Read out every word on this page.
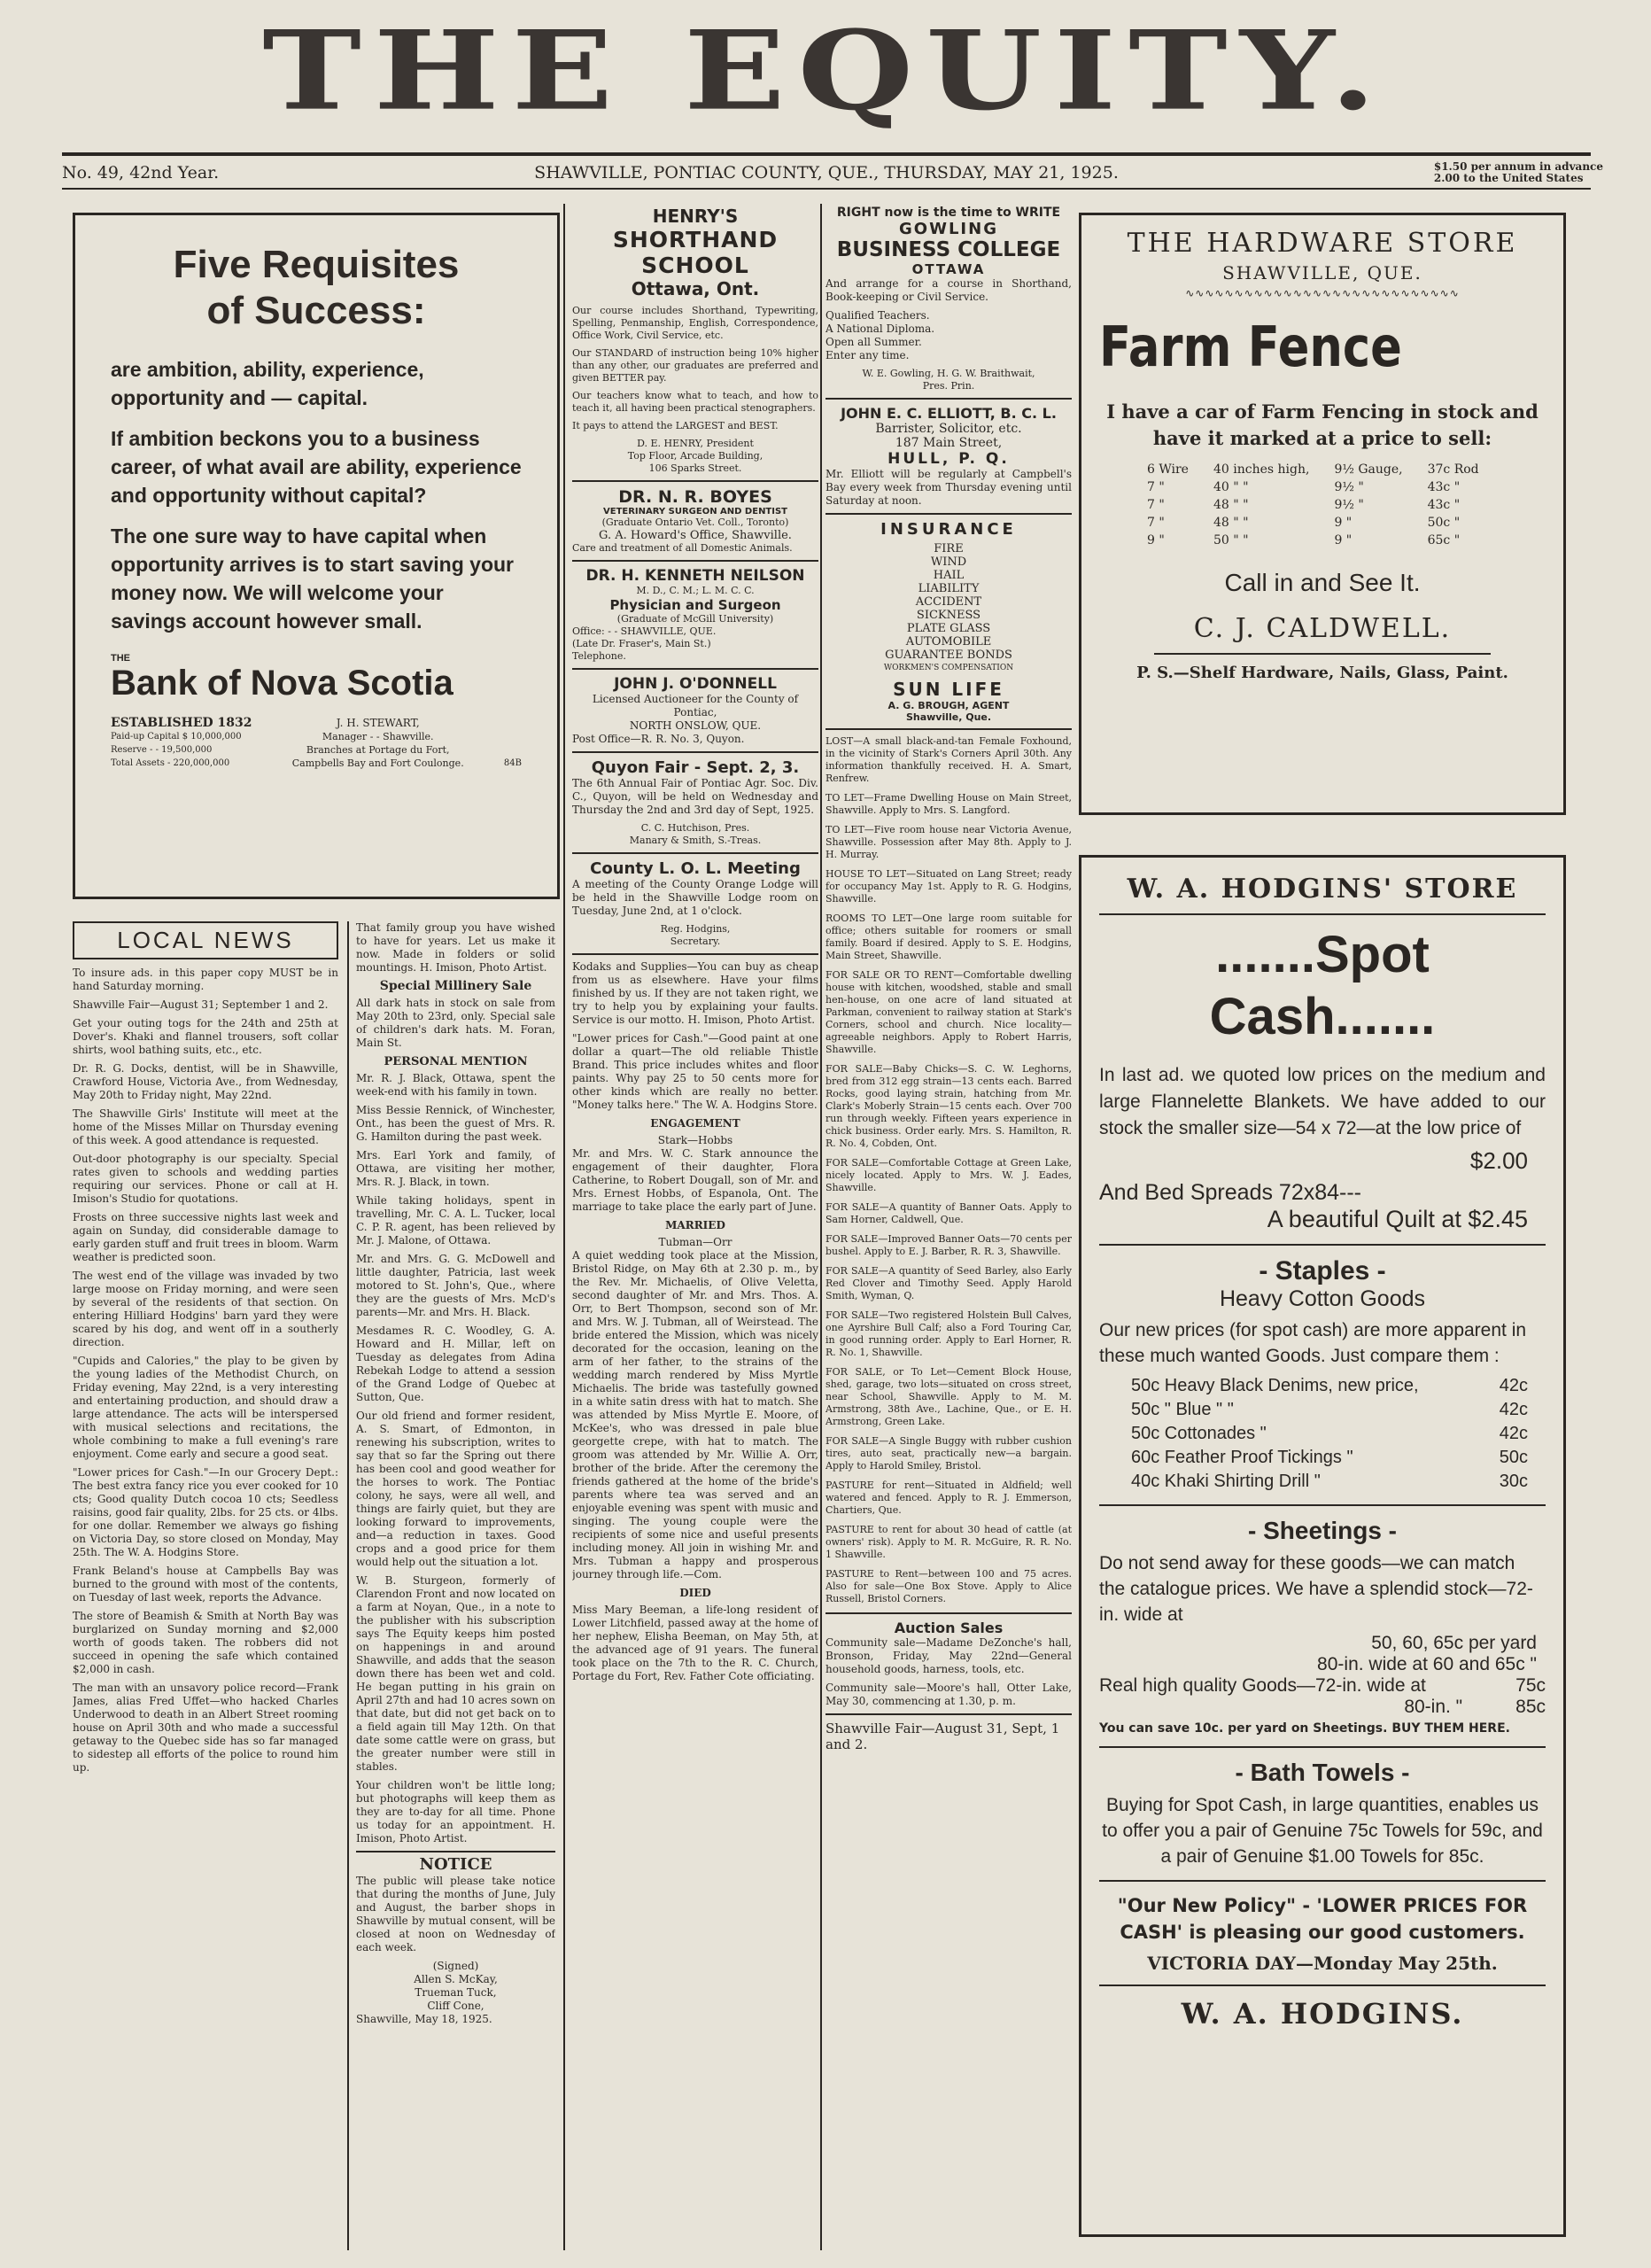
THE EQUITY.
No. 49, 42nd Year.	SHAWVILLE, PONTIAC COUNTY, QUE., THURSDAY, MAY 21, 1925.	$1.50 per annum in advance
2.00 to the United States
Five Requisites
of Success:

are ambition, ability, experience, opportunity and — capital.

If ambition beckons you to a business career, of what avail are ability, experience and opportunity without capital?

The one sure way to have capital when opportunity arrives is to start saving your money now. We will welcome your savings account however small.

THE
Bank of Nova Scotia
ESTABLISHED 1832
Paid-up Capital $ 10,000,000
Reserve - - 19,500,000
Total Assets - 220,000,000
J. H. STEWART,
Manager - - Shawville.
Branches at Portage du Fort,
Campbells Bay and Fort Coulonge.	84B
LOCAL NEWS

To insure ads. in this paper copy MUST be in hand Saturday morning.

Shawville Fair—August 31; September 1 and 2.

Get your outing togs for the 24th and 25th at Dover's. Khaki and flannel trousers, soft collar shirts, wool bathing suits, etc., etc.

Dr. R. G. Docks, dentist, will be in Shawville, Crawford House, Victoria Ave., from Wednesday, May 20th to Friday night, May 22nd.

The Shawville Girls' Institute will meet at the home of the Misses Millar on Thursday evening of this week. A good attendance is requested.

Out-door photography is our specialty. Special rates given to schools and wedding parties requiring our services. Phone or call at H. Imison's Studio for quotations.

Frosts on three successive nights last week and again on Sunday, did considerable damage to early garden stuff and fruit trees in bloom. Warm weather is predicted soon.

The west end of the village was invaded by two large moose on Friday morning, and were seen by several of the residents of that section. On entering Hilliard Hodgins' barn yard they were scared by his dog, and went off in a southerly direction.

"Cupids and Calories," the play to be given by the young ladies of the Methodist Church, on Friday evening, May 22nd, is a very interesting and entertaining production, and should draw a large attendance. The acts will be interspersed with musical selections and recitations, the whole combining to make a full evening's rare enjoyment. Come early and secure a good seat.

"Lower prices for Cash."—In our Grocery Dept.: The best extra fancy rice you ever cooked for 10 cts; Good quality Dutch cocoa 10 cts; Seedless raisins, good fair quality, 2lbs. for 25 cts. or 4lbs. for one dollar. Remember we always go fishing on Victoria Day, so store closed on Monday, May 25th. The W. A. Hodgins Store.

Frank Beland's house at Campbells Bay was burned to the ground with most of the contents, on Tuesday of last week, reports the Advance.

The store of Beamish & Smith at North Bay was burglarized on Sunday morning and $2,000 worth of goods taken. The robbers did not succeed in opening the safe which contained $2,000 in cash.

The man with an unsavory police record—Frank James, alias Fred Uffet—who hacked Charles Underwood to death in an Albert Street rooming house on April 30th and who made a successful getaway to the Quebec side has so far managed to sidestep all efforts of the police to round him up.

That family group you have wished to have for years. Let us make it now. Made in folders or solid mountings. H. Imison, Photo Artist.

Special Millinery Sale

All dark hats in stock on sale from May 20th to 23rd, only. Special sale of children's dark hats. M. Foran, Main St.

PERSONAL MENTION

Mr. R. J. Black, Ottawa, spent the week-end with his family in town.

Miss Bessie Rennick, of Winchester, Ont., has been the guest of Mrs. R. G. Hamilton during the past week.

Mrs. Earl York and family, of Ottawa, are visiting her mother, Mrs. R. J. Black, in town.

While taking holidays, spent in travelling, Mr. C. A. L. Tucker, local C. P. R. agent, has been relieved by Mr. J. Malone, of Ottawa.

Mr. and Mrs. G. G. McDowell and little daughter, Patricia, last week motored to St. John's, Que., where they are the guests of Mrs. McD's parents—Mr. and Mrs. H. Black.

Mesdames R. C. Woodley, G. A. Howard and H. Millar, left on Tuesday as delegates from Adina Rebekah Lodge to attend a session of the Grand Lodge of Quebec at Sutton, Que.

Our old friend and former resident, A. S. Smart, of Edmonton, in renewing his subscription, writes to say that so far the Spring out there has been cool and good weather for the horses to work. The Pontiac colony, he says, were all well, and things are fairly quiet, but they are looking forward to improvements, and—a reduction in taxes. Good crops and a good price for them would help out the situation a lot.

W. B. Sturgeon, formerly of Clarendon Front and now located on a farm at Noyan, Que., in a note to the publisher with his subscription says The Equity keeps him posted on happenings in and around Shawville, and adds that the season down there has been wet and cold. He began putting in his grain on April 27th and had 10 acres sown on that date, but did not get back on to a field again till May 12th. On that date some cattle were on grass, but the greater number were still in stables.

Your children won't be little long; but photographs will keep them as they are to-day for all time. Phone us today for an appointment. H. Imison, Photo Artist.

NOTICE

The public will please take notice that during the months of June, July and August, the barber shops in Shawville by mutual consent, will be closed at noon on Wednesday of each week.

(Signed)
Allen S. McKay,
Trueman Tuck,
Cliff Cone,
Shawville, May 18, 1925.
HENRY'S
SHORTHAND SCHOOL
Ottawa, Ont.

Our course includes Shorthand, Typewriting, Spelling, Penmanship, English, Correspondence, Office Work, Civil Service, etc.

Our STANDARD of instruction being 10% higher than any other, our graduates are preferred and given BETTER pay.

Our teachers know what to teach, and how to teach it, all having been practical stenographers.

It pays to attend the LARGEST and BEST.

D. E. HENRY, President
Top Floor, Arcade Building,
106 Sparks Street.
DR. N. R. BOYES
VETERINARY SURGEON AND DENTIST
(Graduate Ontario Vet. Coll., Toronto)
G. A. Howard's Office, Shawville.
Care and treatment of all Domestic Animals.
DR. H. KENNETH NEILSON
M. D., C. M.; L. M. C. C.
Physician and Surgeon
(Graduate of McGill University)
Office: - - SHAWVILLE, QUE.
(Late Dr. Fraser's, Main St.)
Telephone.
JOHN J. O'DONNELL
Licensed Auctioneer for the County of Pontiac,
NORTH ONSLOW, QUE.
Post Office—R. R. No. 3, Quyon.
Quyon Fair - Sept. 2, 3.

The 6th Annual Fair of Pontiac Agr. Soc. Div. C., Quyon, will be held on Wednesday and Thursday the 2nd and 3rd day of Sept, 1925.

C. C. Hutchison, Pres.
Manary & Smith, S.-Treas.
County L. O. L. Meeting

A meeting of the County Orange Lodge will be held in the Shawville Lodge room on Tuesday, June 2nd, at 1 o'clock.

Reg. Hodgins,
Secretary.

Kodaks and Supplies—You can buy as cheap from us as elsewhere. Have your films finished by us. If they are not taken right, we try to help you by explaining your faults. Service is our motto. H. Imison, Photo Artist.

"Lower prices for Cash."—Good paint at one dollar a quart—The old reliable Thistle Brand. This price includes whites and floor paints. Why pay 25 to 50 cents more for other kinds which are really no better. "Money talks here." The W. A. Hodgins Store.

ENGAGEMENT
Stark—Hobbs

Mr. and Mrs. W. C. Stark announce the engagement of their daughter, Flora Catherine, to Robert Dougall, son of Mr. and Mrs. Ernest Hobbs, of Espanola, Ont. The marriage to take place the early part of June.

MARRIED
Tubman—Orr

A quiet wedding took place at the Mission, Bristol Ridge, on May 6th at 2.30 p. m., by the Rev. Mr. Michaelis, of Olive Veletta, second daughter of Mr. and Mrs. Thos. A. Orr, to Bert Thompson, second son of Mr. and Mrs. W. J. Tubman, all of Weirstead. The bride entered the Mission, which was nicely decorated for the occasion, leaning on the arm of her father, to the strains of the wedding march rendered by Miss Myrtle Michaelis. The bride was tastefully gowned in a white satin dress with hat to match. She was attended by Miss Myrtle E. Moore, of McKee's, who was dressed in pale blue georgette crepe, with hat to match. The groom was attended by Mr. Willie A. Orr, brother of the bride. After the ceremony the friends gathered at the home of the bride's parents where tea was served and an enjoyable evening was spent with music and singing. The young couple were the recipients of some nice and useful presents including money. All join in wishing Mr. and Mrs. Tubman a happy and prosperous journey through life.—Com.

DIED

Miss Mary Beeman, a life-long resident of Lower Litchfield, passed away at the home of her nephew, Elisha Beeman, on May 5th, at the advanced age of 91 years. The funeral took place on the 7th to the R. C. Church, Portage du Fort, Rev. Father Cote officiating.

RIGHT now is the time to WRITE
GOWLING
BUSINESS COLLEGE
OTTAWA

And arrange for a course in Shorthand, Book-keeping or Civil Service.

Qualified Teachers.
A National Diploma.
Open all Summer.
Enter any time.
W. E. Gowling, H. G. W. Braithwait,
Pres. Prin.
JOHN E. C. ELLIOTT, B. C. L.
Barrister, Solicitor, etc.
187 Main Street,
HULL, P. Q.

Mr. Elliott will be regularly at Campbell's Bay every week from Thursday evening until Saturday at noon.

INSURANCE
FIRE
WIND
HAIL
LIABILITY
ACCIDENT
SICKNESS
PLATE GLASS
AUTOMOBILE
GUARANTEE BONDS
WORKMEN'S COMPENSATION
SUN LIFE
A. G. BROUGH, AGENT
Shawville, Que.

LOST—A small black-and-tan Female Foxhound, in the vicinity of Stark's Corners April 30th. Any information thankfully received. H. A. Smart, Renfrew.

TO LET—Frame Dwelling House on Main Street, Shawville. Apply to Mrs. S. Langford.

TO LET—Five room house near Victoria Avenue, Shawville. Possession after May 8th. Apply to J. H. Murray.

HOUSE TO LET—Situated on Lang Street; ready for occupancy May 1st. Apply to R. G. Hodgins, Shawville.

ROOMS TO LET—One large room suitable for office; others suitable for roomers or small family. Board if desired. Apply to S. E. Hodgins, Main Street, Shawville.

FOR SALE OR TO RENT—Comfortable dwelling house with kitchen, woodshed, stable and small hen-house, on one acre of land situated at Parkman, convenient to railway station at Stark's Corners, school and church. Nice locality—agreeable neighbors. Apply to Robert Harris, Shawville.

FOR SALE—Baby Chicks—S. C. W. Leghorns, bred from 312 egg strain—13 cents each. Barred Rocks, good laying strain, hatching from Mr. Clark's Moberly Strain—15 cents each. Over 700 run through weekly. Fifteen years experience in chick business. Order early. Mrs. S. Hamilton, R. R. No. 4, Cobden, Ont.

FOR SALE—Comfortable Cottage at Green Lake, nicely located. Apply to Mrs. W. J. Eades, Shawville.

FOR SALE—A quantity of Banner Oats. Apply to Sam Horner, Caldwell, Que.

FOR SALE—Improved Banner Oats—70 cents per bushel. Apply to E. J. Barber, R. R. 3, Shawville.

FOR SALE—A quantity of Seed Barley, also Early Red Clover and Timothy Seed. Apply Harold Smith, Wyman, Q.

FOR SALE—Two registered Holstein Bull Calves, one Ayrshire Bull Calf; also a Ford Touring Car, in good running order. Apply to Earl Horner, R. R. No. 1, Shawville.

FOR SALE, or To Let—Cement Block House, shed, garage, two lots—situated on cross street, near School, Shawville. Apply to M. M. Armstrong, 38th Ave., Lachine, Que., or E. H. Armstrong, Green Lake.

FOR SALE—A Single Buggy with rubber cushion tires, auto seat, practically new—a bargain. Apply to Harold Smiley, Bristol.

PASTURE for rent—Situated in Aldfield; well watered and fenced. Apply to R. J. Emmerson, Chartiers, Que.

PASTURE to rent for about 30 head of cattle (at owners' risk). Apply to M. R. McGuire, R. R. No. 1 Shawville.

PASTURE to Rent—between 100 and 75 acres. Also for sale—One Box Stove. Apply to Alice Russell, Bristol Corners.

Auction Sales

Community sale—Madame DeZonche's hall, Bronson, Friday, May 22nd—General household goods, harness, tools, etc.

Community sale—Moore's hall, Otter Lake, May 30, commencing at 1.30, p. m.

Shawville Fair—August 31, Sept, 1 and 2.

THE HARDWARE STORE
SHAWVILLE, QUE.
∿∿∿∿∿∿∿∿∿∿∿∿∿∿∿∿∿∿∿∿∿∿∿∿∿∿∿∿
Farm Fence

I have a car of Farm Fencing in stock and have it marked at a price to sell:

6 Wire	40 inches high,	9½ Gauge,	37c Rod
7 "	40 " "	9½ "	43c "
7 "	48 " "	9½ "	43c "
7 "	48 " "	9 "	50c "
9 "	50 " "	9 "	65c "
Call in and See It.
C. J. CALDWELL.
P. S.—Shelf Hardware, Nails, Glass, Paint.
W. A. HODGINS' STORE
.......Spot Cash.......

In last ad. we quoted low prices on the medium and large Flannelette Blankets. We have added to our stock the smaller size—54 x 72—at the low price of

$2.00
And Bed Spreads 72x84---
A beautiful Quilt at $2.45
- Staples -
Heavy Cotton Goods

Our new prices (for spot cash) are more apparent in these much wanted Goods. Just compare them :

50c Heavy Black Denims, new price,	42c
50c " Blue " "	42c
50c Cottonades "	42c
60c Feather Proof Tickings "	50c
40c Khaki Shirting Drill "	30c
- Sheetings -

Do not send away for these goods—we can match the catalogue prices. We have a splendid stock—72-in. wide at

50, 60, 65c per yard
80-in. wide at 60 and 65c "
Real high quality Goods—72-in. wide at	75c
80-in. "	85c
You can save 10c. per yard on Sheetings. BUY THEM HERE.
- Bath Towels -

Buying for Spot Cash, in large quantities, enables us to offer you a pair of Genuine 75c Towels for 59c, and a pair of Genuine $1.00 Towels for 85c.

"Our New Policy" - 'LOWER PRICES FOR CASH' is pleasing our good customers.

VICTORIA DAY—Monday May 25th.
W. A. HODGINS.
